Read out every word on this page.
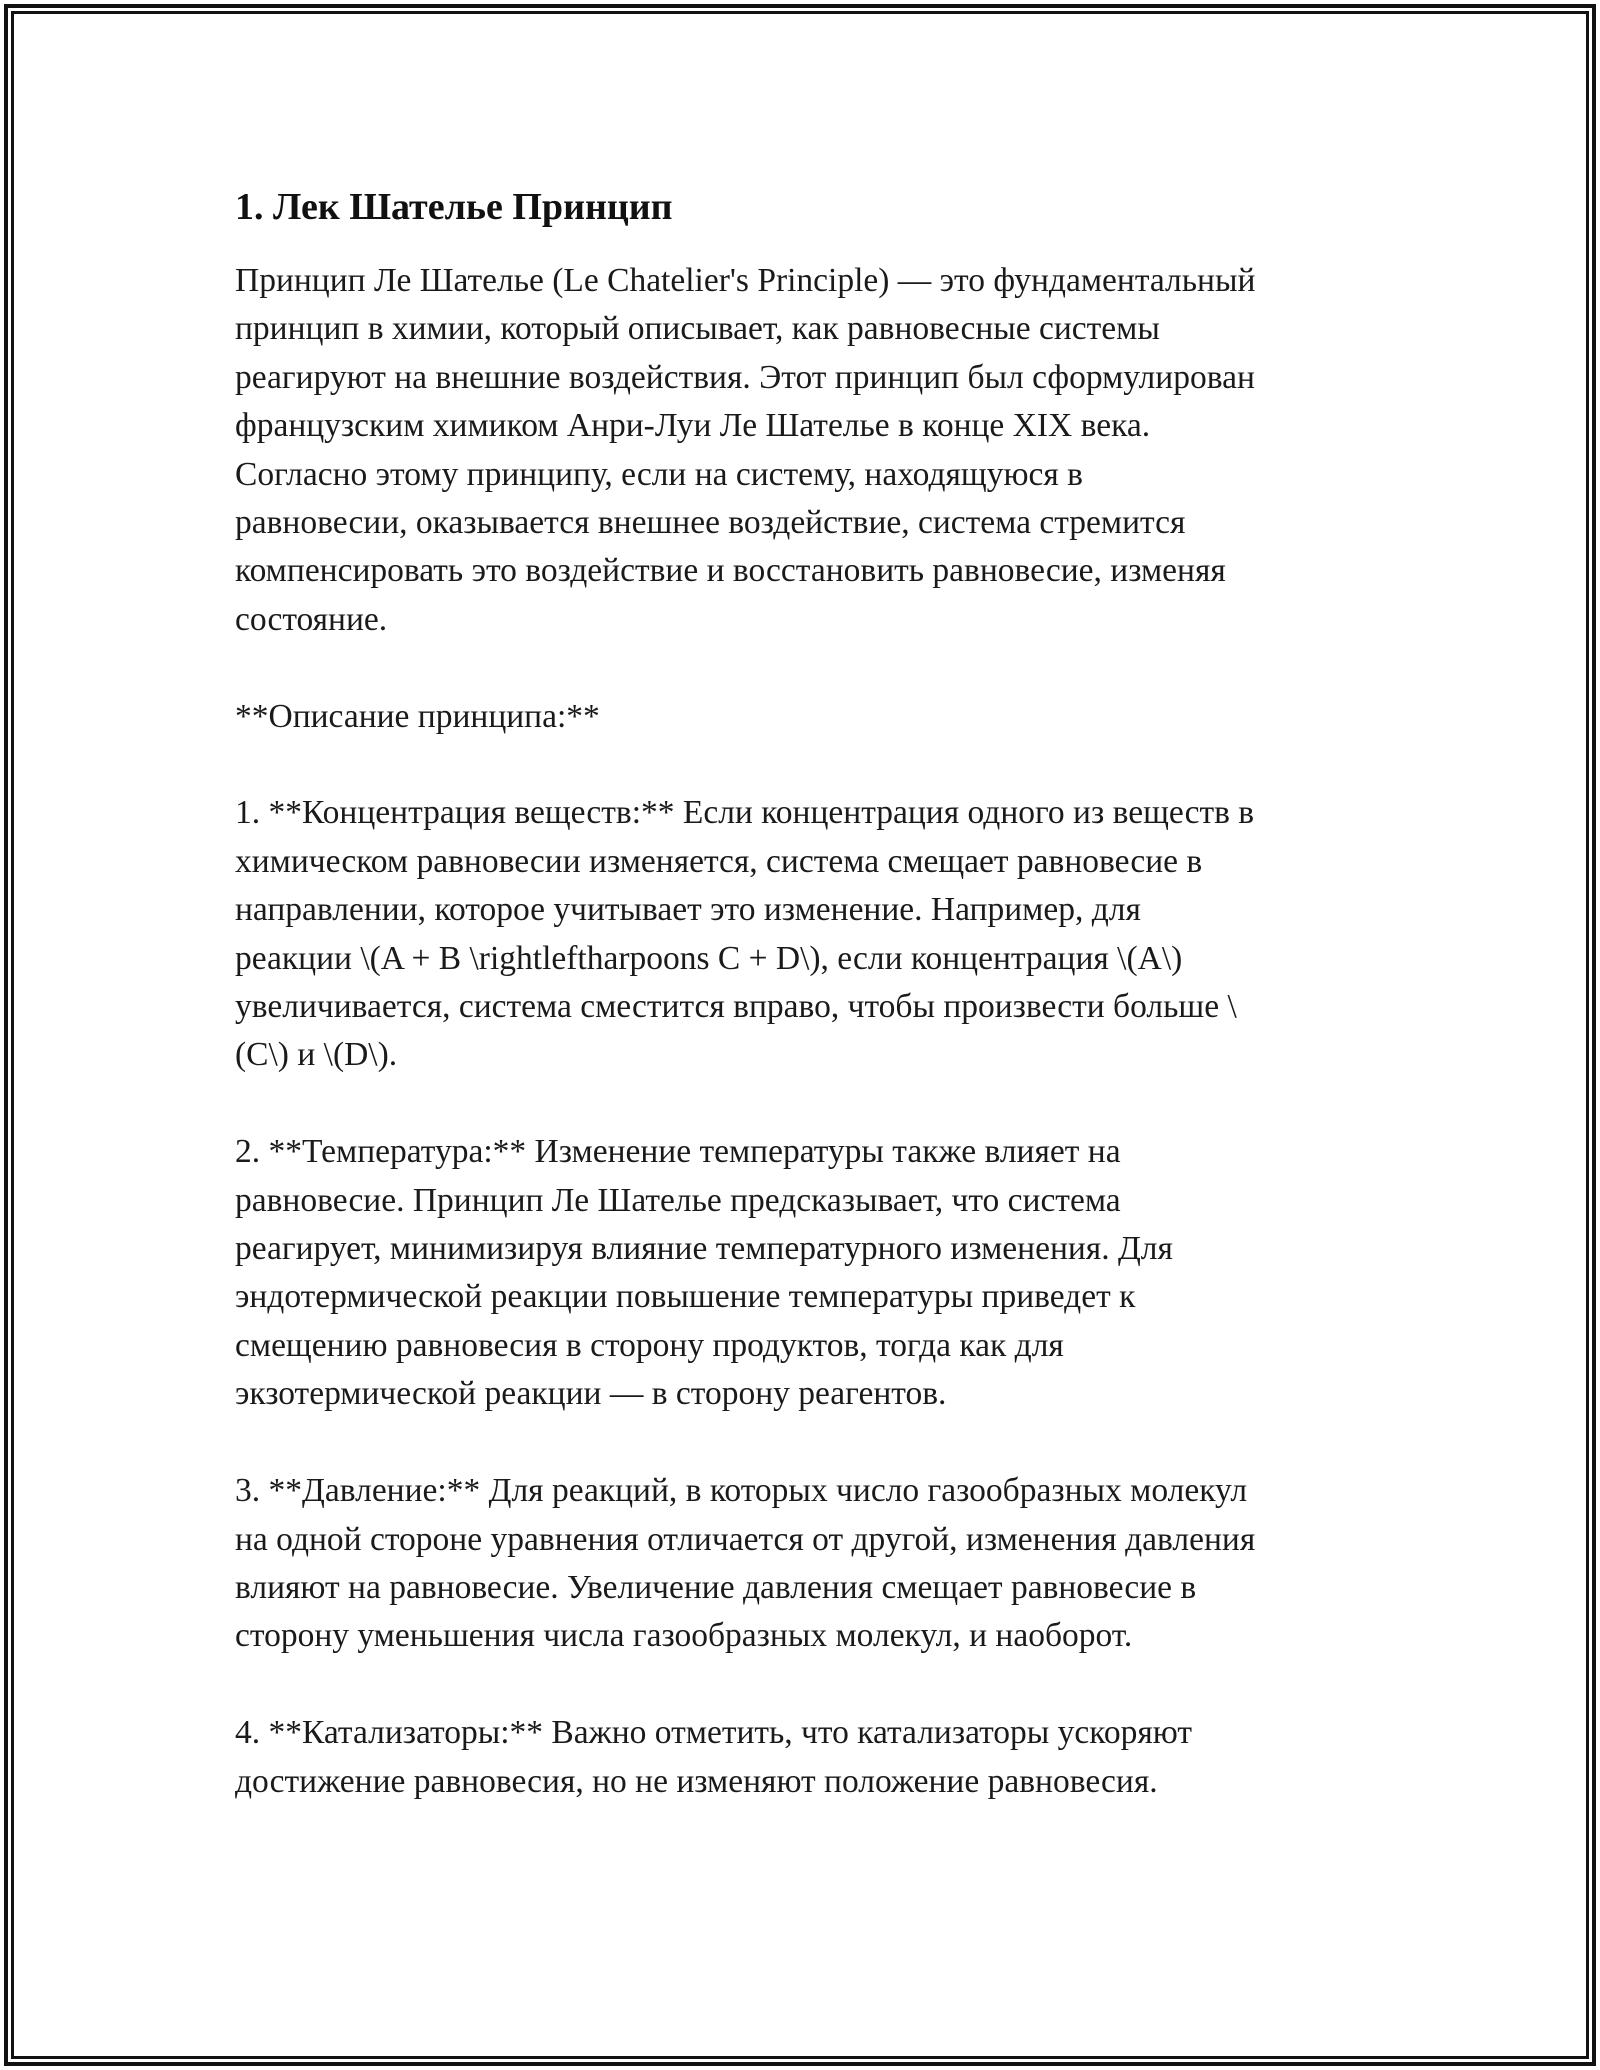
1. Лек Шателье Принцип

Принцип Ле Шателье (Le Chatelier's Principle) — это фундаментальный
принцип в химии, который описывает, как равновесные системы
реагируют на внешние воздействия. Этот принцип был сформулирован
французским химиком Анри-Луи Ле Шателье в конце XIX века.
Согласно этому принципу, если на систему, находящуюся в
равновесии, оказывается внешнее воздействие, система стремится
компенсировать это воздействие и восстановить равновесие, изменяя
состояние.

**Описание принципа:**

1. **Концентрация веществ:** Если концентрация одного из веществ в
химическом равновесии изменяется, система смещает равновесие в
направлении, которое учитывает это изменение. Например, для
реакции \(A + B \rightleftharpoons C + D\), если концентрация \(A\)
увеличивается, система сместится вправо, чтобы произвести больше \
(C\) и \(D\).

2. **Температура:** Изменение температуры также влияет на
равновесие. Принцип Ле Шателье предсказывает, что система
реагирует, минимизируя влияние температурного изменения. Для
эндотермической реакции повышение температуры приведет к
смещению равновесия в сторону продуктов, тогда как для
экзотермической реакции — в сторону реагентов.

3. **Давление:** Для реакций, в которых число газообразных молекул
на одной стороне уравнения отличается от другой, изменения давления
влияют на равновесие. Увеличение давления смещает равновесие в
сторону уменьшения числа газообразных молекул, и наоборот.

4. **Катализаторы:** Важно отметить, что катализаторы ускоряют
достижение равновесия, но не изменяют положение равновесия.
